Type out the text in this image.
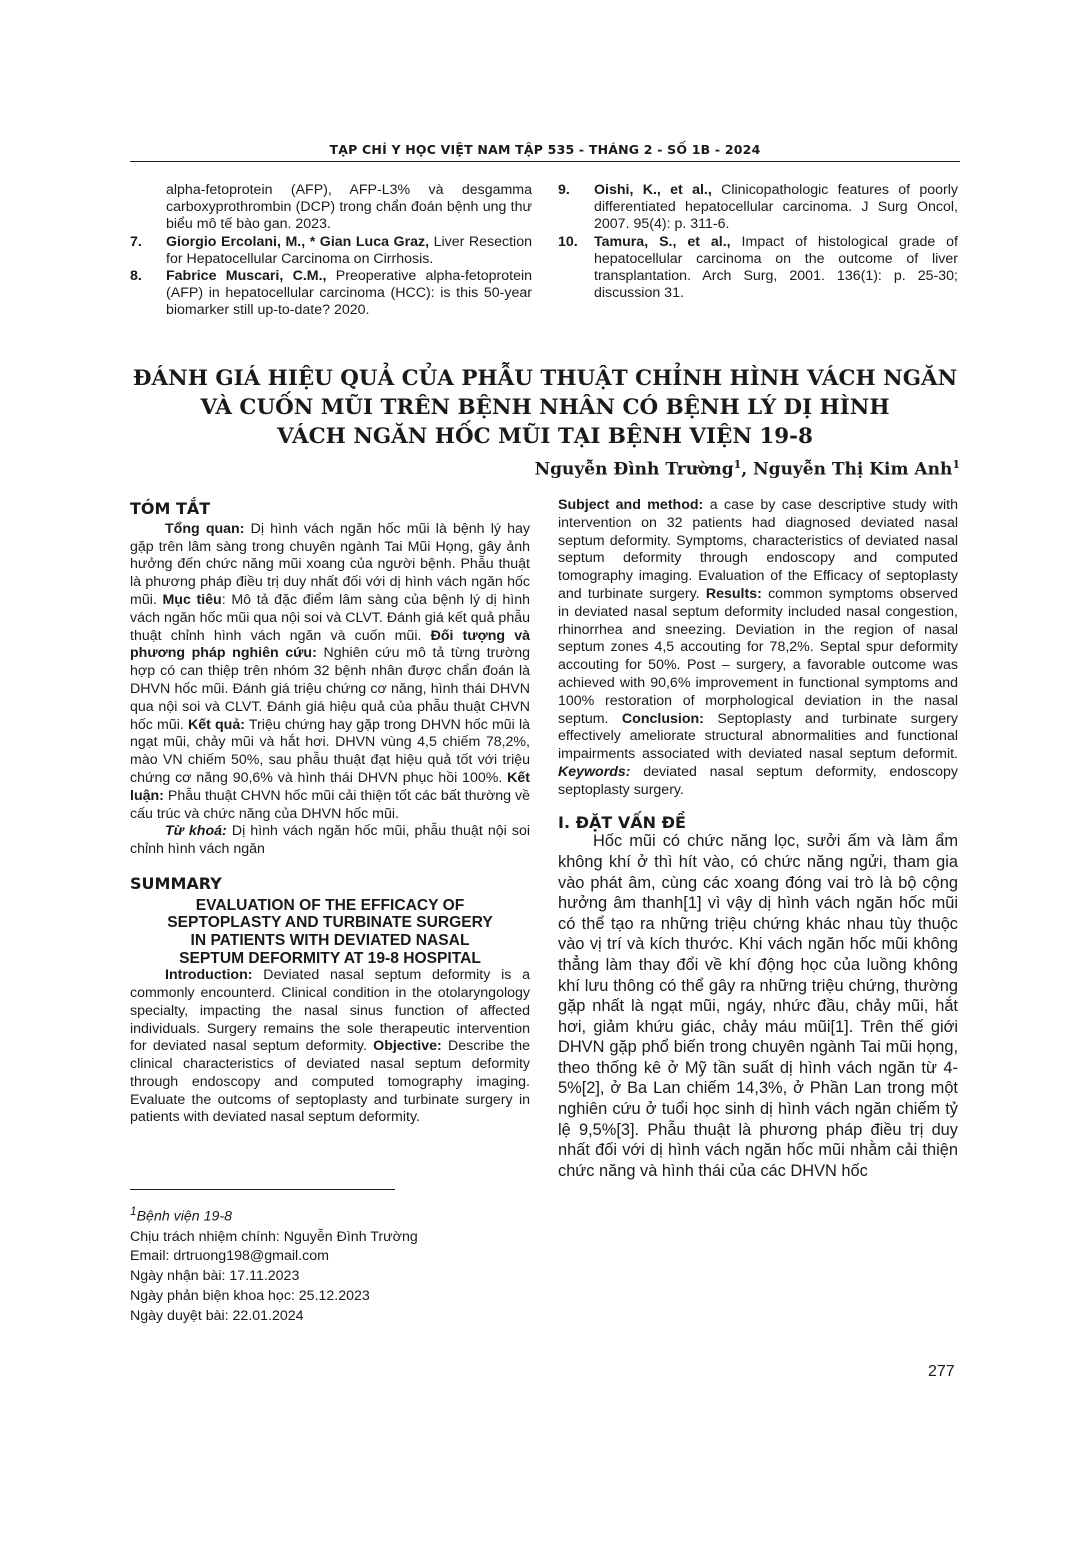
TẠP CHÍ Y HỌC VIỆT NAM TẬP 535 - THÁNG 2 - SỐ 1B - 2024
alpha-fetoprotein (AFP), AFP-L3% và desgamma carboxyprothrombin (DCP) trong chẩn đoán bệnh ung thư biểu mô tế bào gan. 2023.
7. Giorgio Ercolani, M., * Gian Luca Graz, Liver Resection for Hepatocellular Carcinoma on Cirrhosis.
8. Fabrice Muscari, C.M., Preoperative alpha-fetoprotein (AFP) in hepatocellular carcinoma (HCC): is this 50-year biomarker still up-to-date? 2020.
9. Oishi, K., et al., Clinicopathologic features of poorly differentiated hepatocellular carcinoma. J Surg Oncol, 2007. 95(4): p. 311-6.
10. Tamura, S., et al., Impact of histological grade of hepatocellular carcinoma on the outcome of liver transplantation. Arch Surg, 2001. 136(1): p. 25-30; discussion 31.
ĐÁNH GIÁ HIỆU QUẢ CỦA PHẪU THUẬT CHỈNH HÌNH VÁCH NGĂN
VÀ CUỐN MŨI TRÊN BỆNH NHÂN CÓ BỆNH LÝ DỊ HÌNH
VÁCH NGĂN HỐC MŨI TẠI BỆNH VIỆN 19-8
Nguyễn Đình Trường$^1$, Nguyễn Thị Kim Anh$^1$
TÓM TẮT

Tổng quan: Dị hình vách ngăn hốc mũi là bệnh lý hay gặp trên lâm sàng trong chuyên ngành Tai Mũi Họng, gây ảnh hưởng đến chức năng mũi xoang của người bệnh. Phẫu thuật là phương pháp điều trị duy nhất đối với dị hình vách ngăn hốc mũi. Mục tiêu: Mô tả đặc điểm lâm sàng của bệnh lý dị hình vách ngăn hốc mũi qua nội soi và CLVT. Đánh giá kết quả phẫu thuật chỉnh hình vách ngăn và cuốn mũi. Đối tượng và phương pháp nghiên cứu: Nghiên cứu mô tả từng trường hợp có can thiệp trên nhóm 32 bệnh nhân được chẩn đoán là DHVN hốc mũi. Đánh giá triệu chứng cơ năng, hình thái DHVN qua nội soi và CLVT. Đánh giá hiệu quả của phẫu thuật CHVN hốc mũi. Kết quả: Triệu chứng hay gặp trong DHVN hốc mũi là ngạt mũi, chảy mũi và hắt hơi. DHVN vùng 4,5 chiếm 78,2%, mào VN chiếm 50%, sau phẫu thuật đạt hiệu quả tốt với triệu chứng cơ năng 90,6% và hình thái DHVN phục hồi 100%. Kết luận: Phẫu thuật CHVN hốc mũi cải thiện tốt các bất thường về cấu trúc và chức năng của DHVN hốc mũi.

Từ khoá: Dị hình vách ngăn hốc mũi, phẫu thuật nội soi chỉnh hình vách ngăn

SUMMARY
EVALUATION OF THE EFFICACY OF
SEPTOPLASTY AND TURBINATE SURGERY
IN PATIENTS WITH DEVIATED NASAL
SEPTUM DEFORMITY AT 19-8 HOSPITAL

Introduction: Deviated nasal septum deformity is a commonly encounterd. Clinical condition in the otolaryngology specialty, impacting the nasal sinus function of affected individuals. Surgery remains the sole therapeutic intervention for deviated nasal septum deformity. Objective: Describe the clinical characteristics of deviated nasal septum deformity through endoscopy and computed tomography imaging. Evaluate the outcoms of septoplasty and turbinate surgery in patients with deviated nasal septum deformity.

$^1$Bệnh viện 19-8
Chịu trách nhiệm chính: Nguyễn Đình Trường
Email: drtruong198@gmail.com
Ngày nhận bài: 17.11.2023
Ngày phản biện khoa học: 25.12.2023
Ngày duyệt bài: 22.01.2024

Subject and method: a case by case descriptive study with intervention on 32 patients had diagnosed deviated nasal septum deformity. Symptoms, characteristics of deviated nasal septum deformity through endoscopy and computed tomography imaging. Evaluation of the Efficacy of septoplasty and turbinate surgery. Results: common symptoms observed in deviated nasal septum deformity included nasal congestion, rhinorrhea and sneezing. Deviation in the region of nasal septum zones 4,5 accouting for 78,2%. Septal spur deformity accouting for 50%. Post – surgery, a favorable outcome was achieved with 90,6% improvement in functional symptoms and 100% restoration of morphological deviation in the nasal septum. Conclusion: Septoplasty and turbinate surgery effectively ameliorate structural abnormalities and functional impairments associated with deviated nasal septum deformit. Keywords: deviated nasal septum deformity, endoscopy septoplasty surgery.

I. ĐẶT VẤN ĐỀ

Hốc mũi có chức năng lọc, sưởi ấm và làm ẩm không khí ở thì hít vào, có chức năng ngửi, tham gia vào phát âm, cùng các xoang đóng vai trò là bộ cộng hưởng âm thanh[1] vì vậy dị hình vách ngăn hốc mũi có thể tạo ra những triệu chứng khác nhau tùy thuộc vào vị trí và kích thước. Khi vách ngăn hốc mũi không thẳng làm thay đổi về khí động học của luồng không khí lưu thông có thể gây ra những triệu chứng, thường gặp nhất là ngạt mũi, ngáy, nhức đầu, chảy mũi, hắt hơi, giảm khứu giác, chảy máu mũi[1]. Trên thế giới DHVN gặp phổ biến trong chuyên ngành Tai mũi họng, theo thống kê ở Mỹ tần suất dị hình vách ngăn từ 4-5%[2], ở Ba Lan chiếm 14,3%, ở Phần Lan trong một nghiên cứu ở tuổi học sinh dị hình vách ngăn chiếm tỷ lệ 9,5%[3]. Phẫu thuật là phương pháp điều trị duy nhất đối với dị hình vách ngăn hốc mũi nhằm cải thiện chức năng và hình thái của các DHVN hốc

277
